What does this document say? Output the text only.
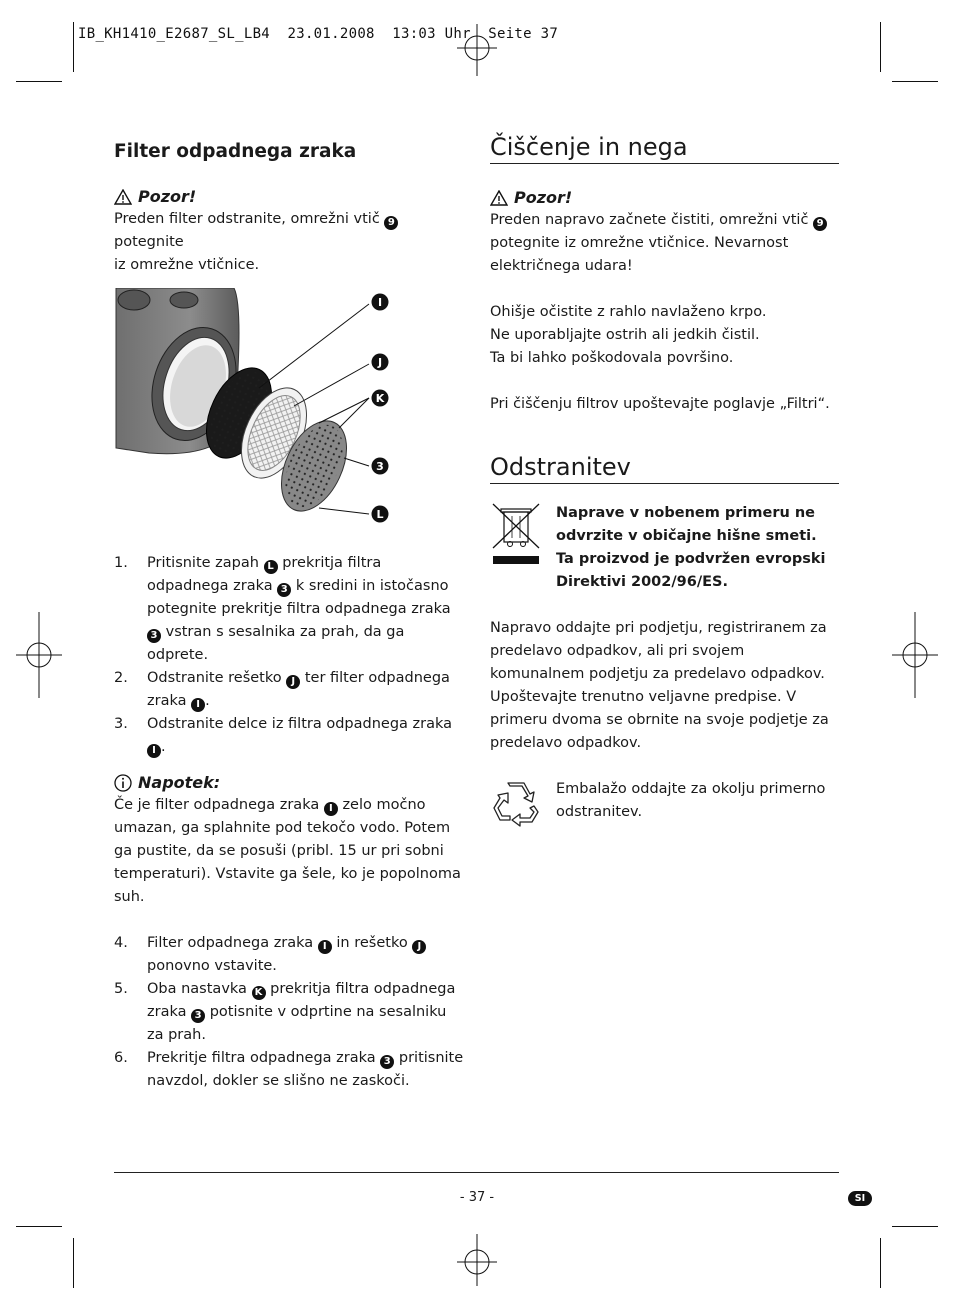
IB_KH1410_E2687_SL_LB4  23.01.2008  13:03 Uhr  Seite 37
Filter odpadnega zraka
Pozor!

Preden filter odstranite, omrežni vtič 9 potegnite
iz omrežne vtičnice.

I
J
K
3
L
1. Pritisnite zapah L prekritja filtra odpadnega zraka 3 k sredini in istočasno potegnite prekritje filtra odpadnega zraka 3 vstran s sesalnika za prah, da ga odprete.
2. Odstranite rešetko J ter filter odpadnega zraka I .
3. Odstranite delce iz filtra odpadnega zraka I .
Napotek:

Če je filter odpadnega zraka I zelo močno umazan, ga splahnite pod tekočo vodo. Potem ga pustite, da se posuši (pribl. 15 ur pri sobni temperaturi). Vstavite ga šele, ko je popolnoma suh.

4. Filter odpadnega zraka I in rešetko J ponovno vstavite.
5. Oba nastavka K prekritja filtra odpadnega zraka 3 potisnite v odprtine na sesalniku za prah.
6. Prekritje filtra odpadnega zraka 3 pritisnite navzdol, dokler se slišno ne zaskoči.
Čiščenje in nega
Pozor!

Preden napravo začnete čistiti, omrežni vtič 9 potegnite iz omrežne vtičnice. Nevarnost električnega udara!

Ohišje očistite z rahlo navlaženo krpo.
Ne uporabljajte ostrih ali jedkih čistil.
Ta bi lahko poškodovala površino.

Pri čiščenju filtrov upoštevajte poglavje „Filtri“.

Odstranitev

Naprave v nobenem primeru ne odvrzite v običajne hišne smeti. Ta proizvod je podvržen evropski Direktivi 2002/96/ES.

Napravo oddajte pri podjetju, registriranem za predelavo odpadkov, ali pri svojem komunalnem podjetju za predelavo odpadkov. Upoštevajte trenutno veljavne predpise. V primeru dvoma se obrnite na svoje podjetje za predelavo odpadkov.

Embalažo oddajte za okolju primerno odstranitev.

- 37 -	SI
